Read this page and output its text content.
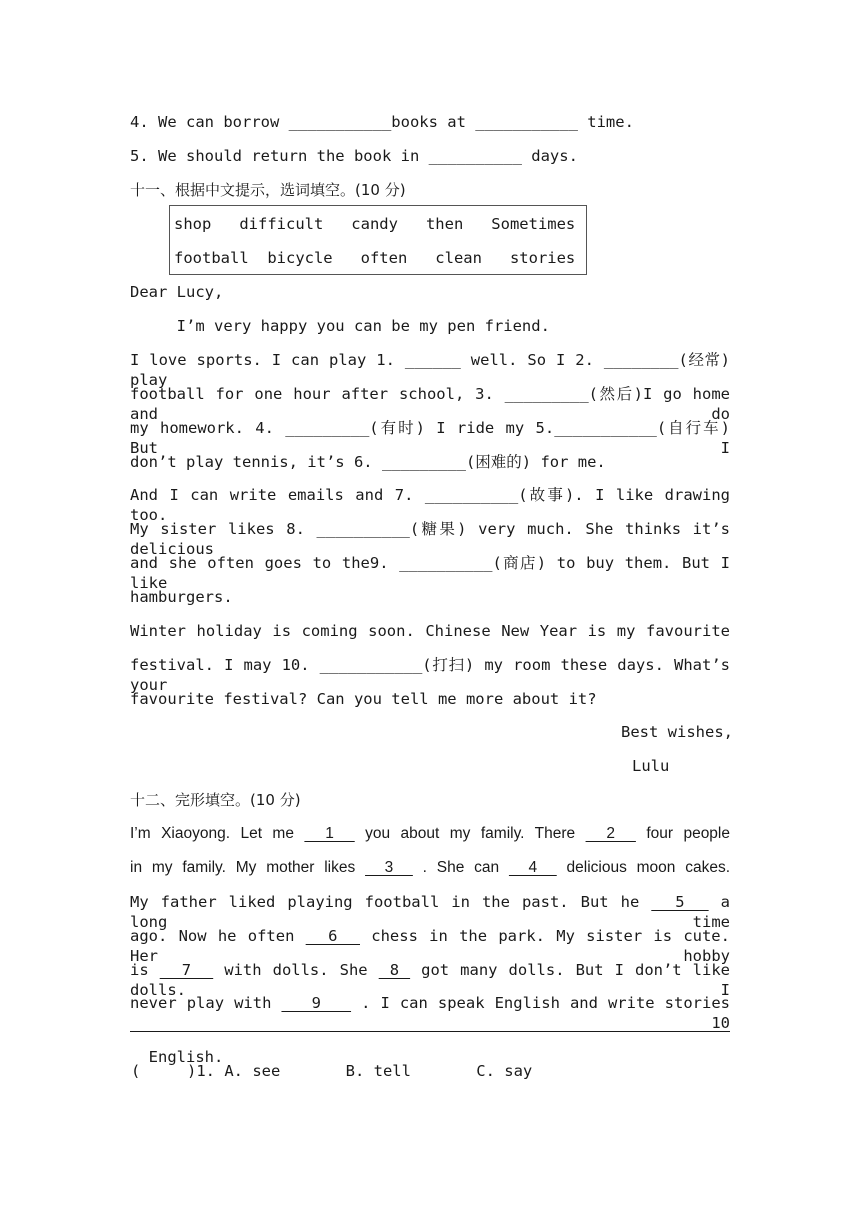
4. We can borrow ___________books at ___________ time.
5. We should return the book in __________ days.
十一、根据中文提示，选词填空。(10 分)
shop   difficult   candy   then   Sometimes
football  bicycle   often   clean   stories
Dear Lucy,
I’m very happy you can be my pen friend.
I love sports. I can play 1. ______ well. So I 2. ________(经常) play
football for one hour after school, 3. _________(然后)I go home and do
my homework. 4. _________(有时) I ride my 5.___________(自行车) But I
don’t play tennis, it’s 6. _________(困难的) for me.
And I can write emails and 7. __________(故事). I like drawing too.
My sister likes 8. __________(糖果) very much. She thinks it’s delicious
and she often goes to the9. __________(商店) to buy them. But I like
hamburgers.
Winter holiday is coming soon. Chinese New Year is my favourite
festival. I may 10. ___________(打扫) my room these days. What’s your
favourite festival? Can you tell me more about it?
Best wishes,
Lulu
十二、完形填空。(10 分)
I’m Xiaoyong. Let me   1   you about my family. There   2   four people
in my family. My mother likes   3   . She can   4   delicious moon cakes.
My father liked playing football in the past. But he   5   a long time
ago. Now he often   6   chess in the park. My sister is cute. Her hobby
is   7   with dolls. She  8  got many dolls. But I don’t like dolls. I
never play with    9    . I can speak English and write stories   10

English.

(     )1. A. see       B. tell       C. say
